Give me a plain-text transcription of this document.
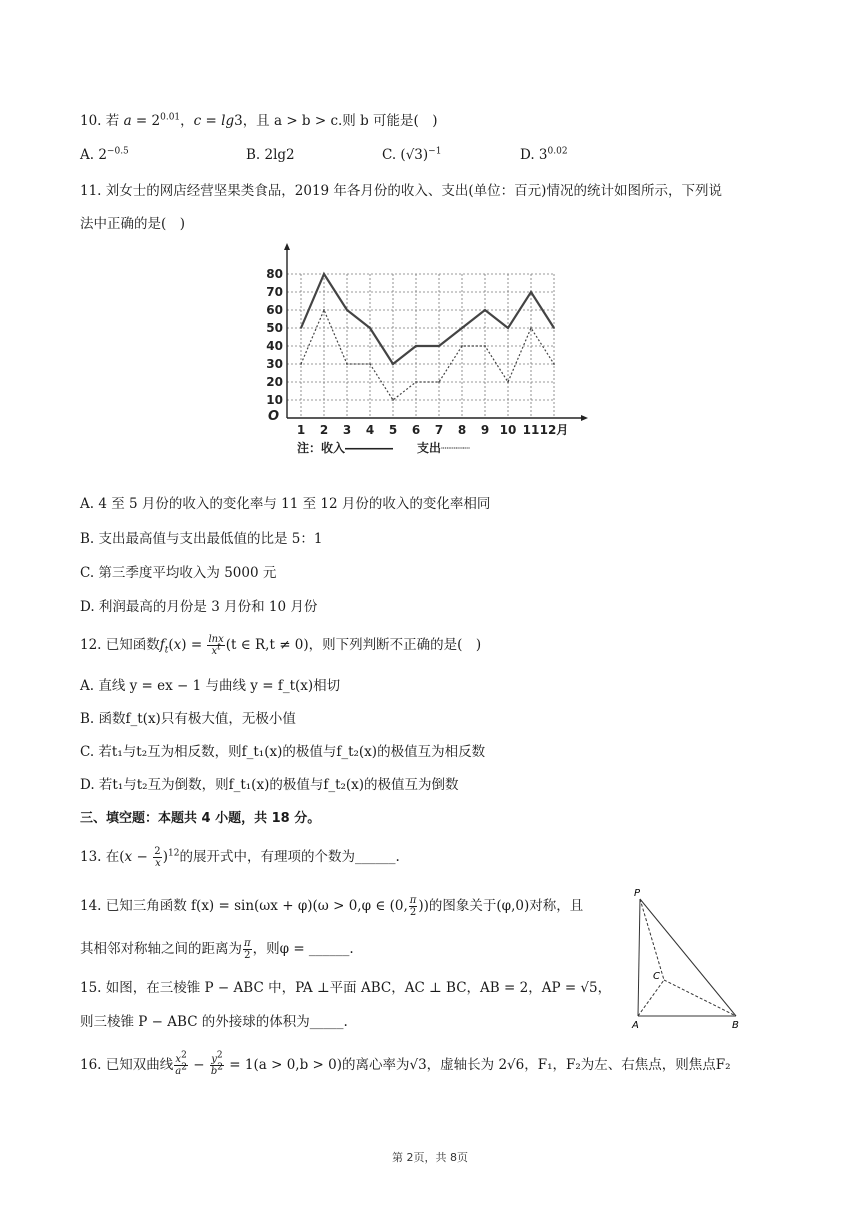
10. 若 $a = 2^{0.01}$，c = lg3，且 a > b > c.则 b 可能是( )
A. $2^{-0.5}$	B. 2lg2	C. $(√3)^{-1}$	D. $3^{0.02}$
11. 刘女士的网店经营坚果类食品，2019 年各月份的收入、支出(单位：百元)情况的统计如图所示，下列说
法中正确的是( )
10
20
30
40
50
60
70
80
O
1 2 3 4 5 6 7 8 9 10 11 12月
注：收入――――  支出┈┈┈┈
A. 4 至 5 月份的收入的变化率与 11 至 12 月份的收入的变化率相同
B. 支出最高值与支出最低值的比是 5：1
C. 第三季度平均收入为 5000 元
D. 利润最高的月份是 3 月份和 10 月份
12. 已知函数$f_t(x) = \frac{\ln x}{x^t} (t$ ∈ R,t ≠ 0)，则下列判断不正确的是( )
A. 直线 y = ex − 1 与曲线 y = f_t(x)相切
B. 函数f_t(x)只有极大值，无极小值
C. 若t₁与t₂互为相反数，则f_t₁(x)的极值与f_t₂(x)的极值互为相反数
D. 若t₁与t₂互为倒数，则f_t₁(x)的极值与f_t₂(x)的极值互为倒数
三、填空题：本题共 4 小题，共 18 分。
13. 在$(x - \frac{2}{x} )^{12}$的展开式中，有理项的个数为______.
14. 已知三角函数 f(x) = sin(ωx + φ)(ω > 0,φ ∈ (0, $\frac{\pi}{2}$ ))的图象关于(φ,0)对称，且
其相邻对称轴之间的距离为 $\frac{\pi}{2}$ ，则φ = ______.
P
C
A	B
15. 如图，在三棱锥 P − ABC 中，PA ⊥平面 ABC，AC ⊥ BC，AB = 2，AP = √5，
则三棱锥 P − ABC 的外接球的体积为_____.
16. 已知双曲线 $\frac{x^2}{a^2} - \frac{y^2}{b^2} = 1(a > 0,b > 0)$的离心率为√3，虚轴长为 2√6，F₁，F₂为左、右焦点，则焦点F₂
第 2页，共 8页
